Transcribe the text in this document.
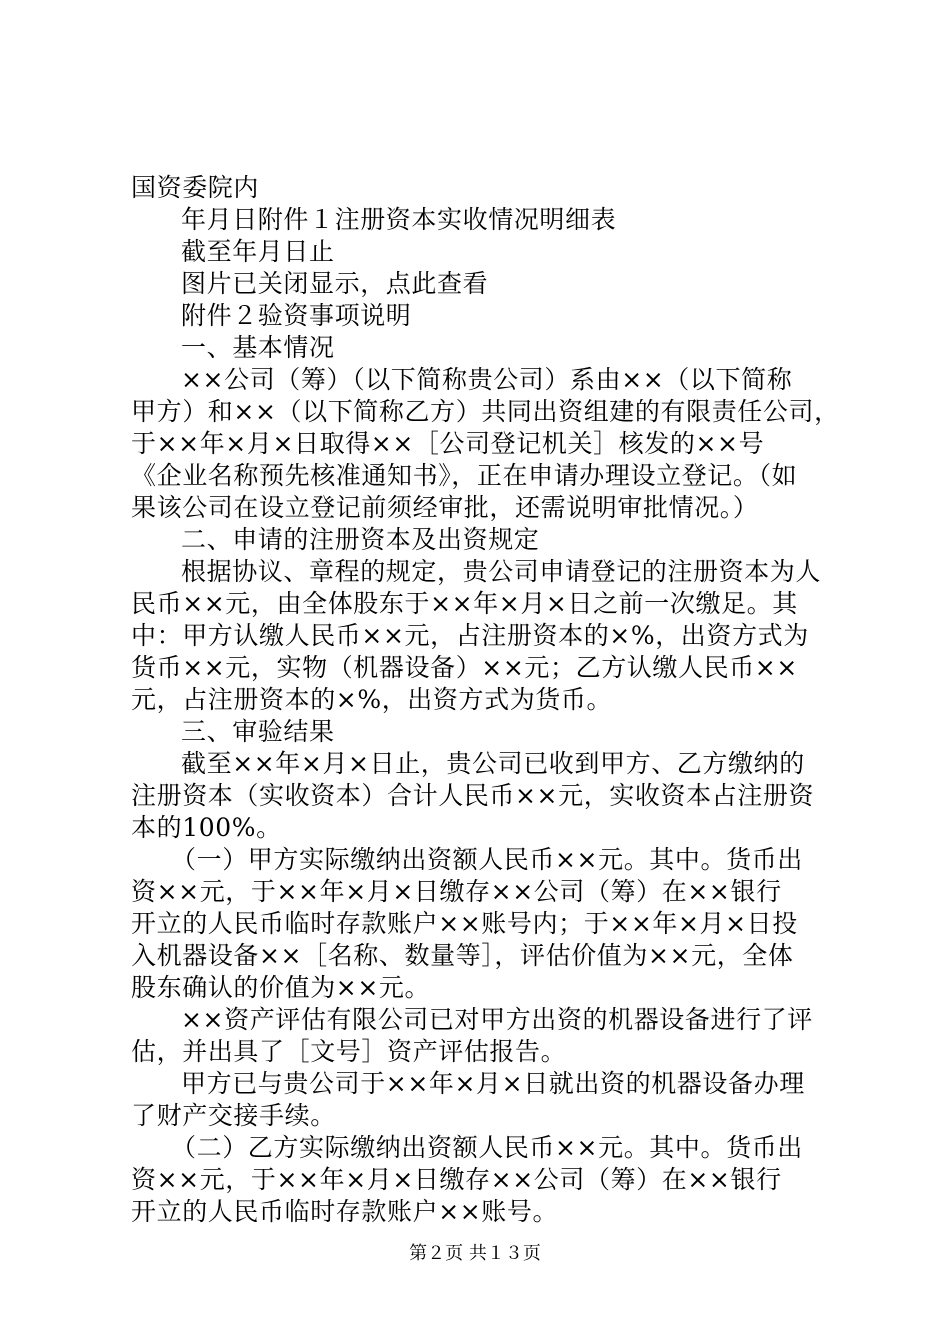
国资委院内
年月日附件１注册资本实收情况明细表
截至年月日止
图片已关闭显示，点此查看
附件２验资事项说明
一、基本情况
××公司（筹）（以下简称贵公司）系由××（以下简称
甲方）和××（以下简称乙方）共同出资组建的有限责任公司，
于××年×月×日取得××［公司登记机关］核发的××号
《企业名称预先核准通知书》，正在申请办理设立登记。（如
果该公司在设立登记前须经审批，还需说明审批情况。）
二、申请的注册资本及出资规定
根据协议、章程的规定，贵公司申请登记的注册资本为人
民币××元，由全体股东于××年×月×日之前一次缴足。其
中：甲方认缴人民币××元，占注册资本的×%，出资方式为
货币××元，实物（机器设备）××元；乙方认缴人民币××
元，占注册资本的×%，出资方式为货币。
三、审验结果
截至××年×月×日止，贵公司已收到甲方、乙方缴纳的
注册资本（实收资本）合计人民币××元，实收资本占注册资
本的100%。
（一）甲方实际缴纳出资额人民币××元。其中。货币出
资××元，于××年×月×日缴存××公司（筹）在××银行
开立的人民币临时存款账户××账号内；于××年×月×日投
入机器设备××［名称、数量等］，评估价值为××元，全体
股东确认的价值为××元。
××资产评估有限公司已对甲方出资的机器设备进行了评
估，并出具了［文号］资产评估报告。
甲方已与贵公司于××年×月×日就出资的机器设备办理
了财产交接手续。
（二）乙方实际缴纳出资额人民币××元。其中。货币出
资××元，于××年×月×日缴存××公司（筹）在××银行
开立的人民币临时存款账户××账号。
第２页 共１３页
